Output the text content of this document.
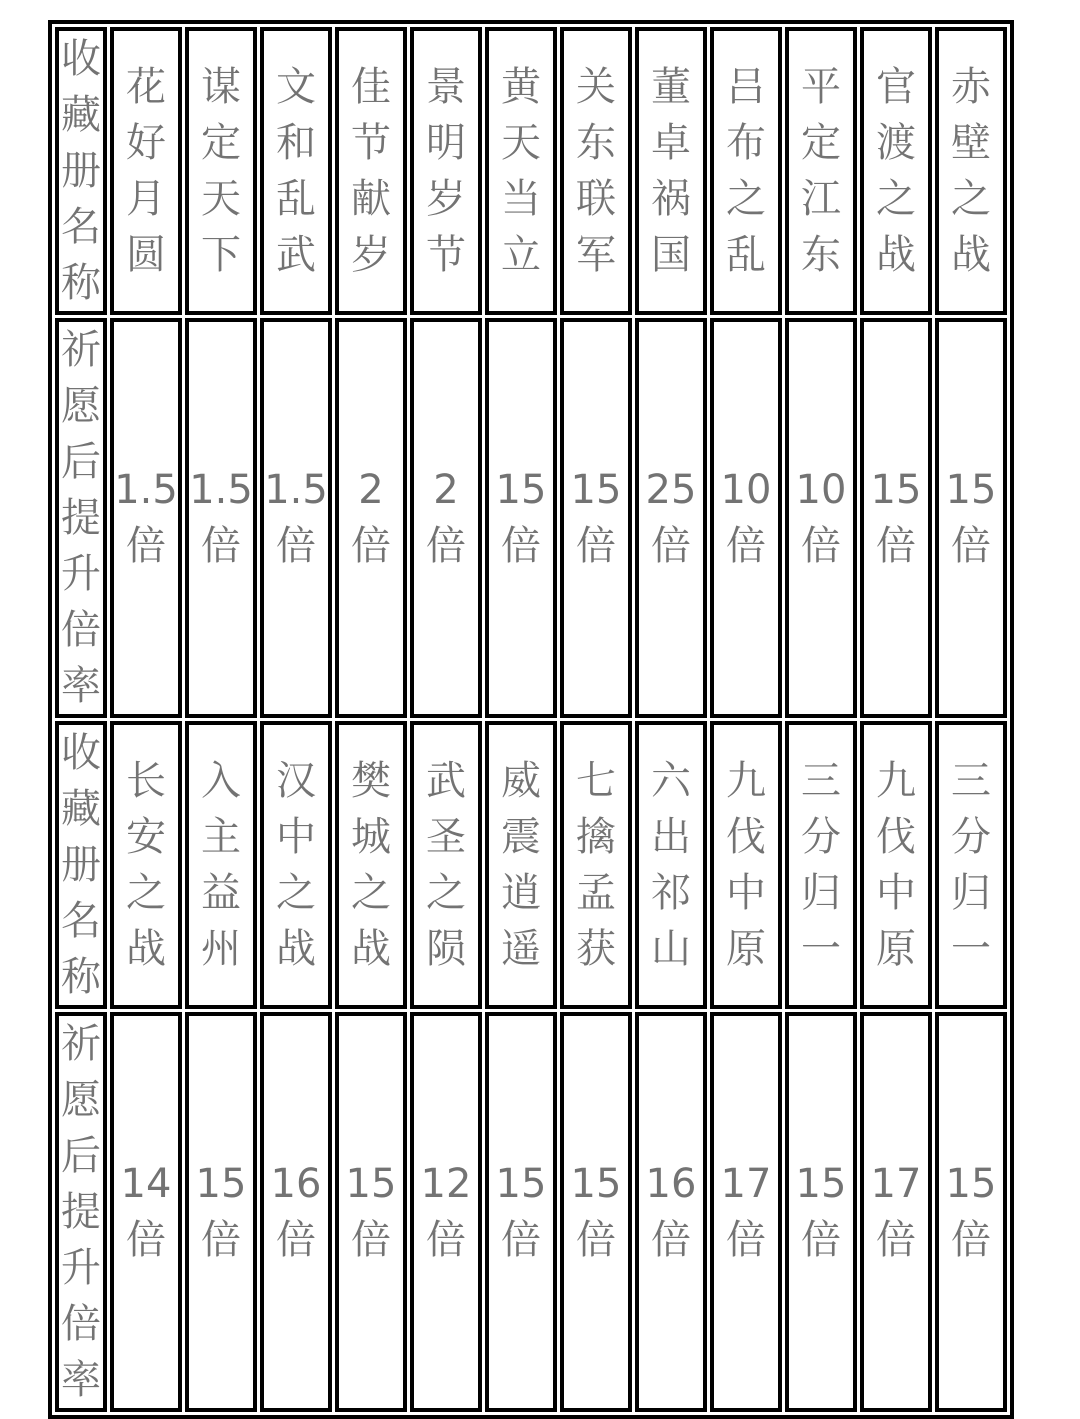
收藏册名称	花好月圆	谋定天下	文和乱武	佳节献岁	景明岁节	黄天当立	关东联军	董卓祸国	吕布之乱	平定江东	官渡之战	赤壁之战
祈愿后提升倍率	1.5倍	1.5倍	1.5倍	2倍	2倍	15倍	15倍	25倍	10倍	10倍	15倍	15倍
收藏册名称	长安之战	入主益州	汉中之战	樊城之战	武圣之陨	威震逍遥	七擒孟获	六出祁山	九伐中原	三分归一	九伐中原	三分归一
祈愿后提升倍率	14倍	15倍	16倍	15倍	12倍	15倍	15倍	16倍	17倍	15倍	17倍	15倍
